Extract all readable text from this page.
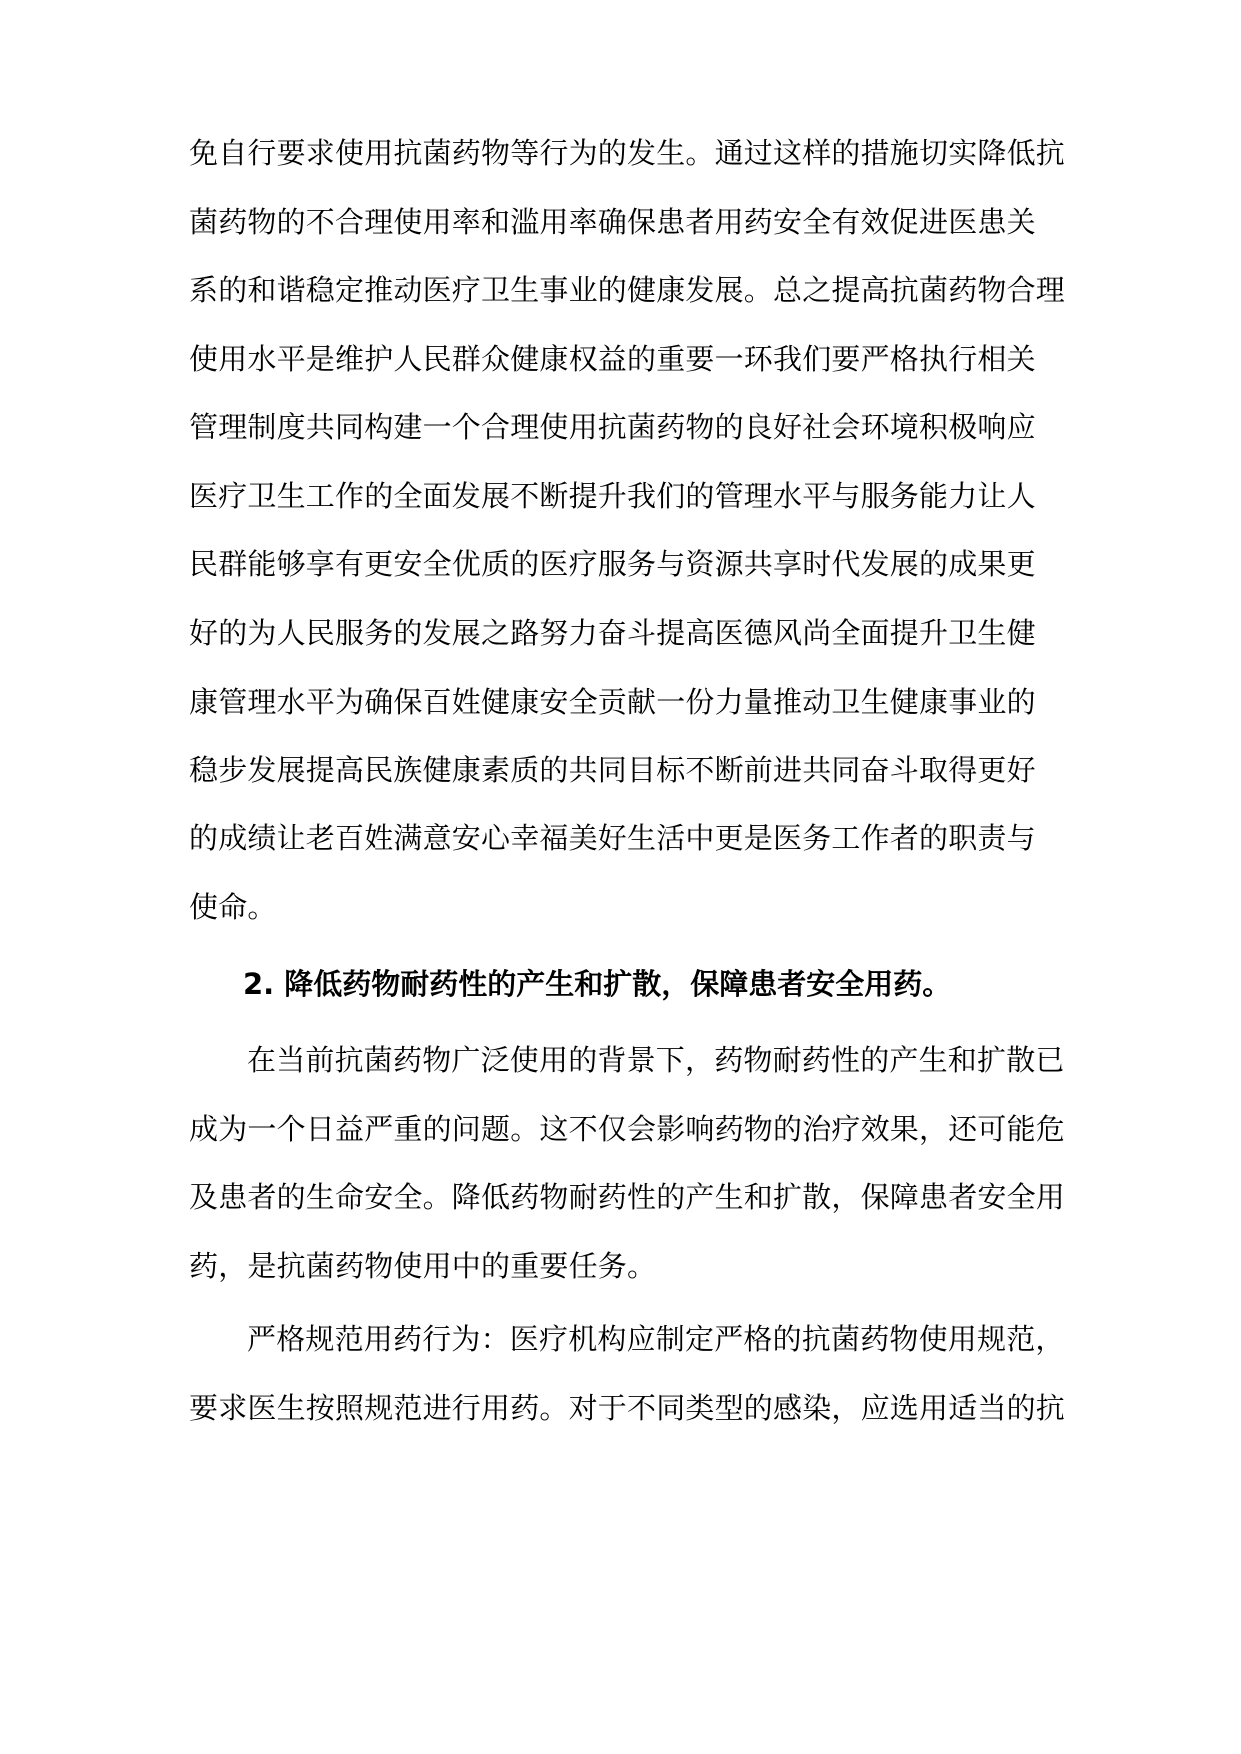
免自行要求使用抗菌药物等行为的发生。通过这样的措施切实降低抗

菌药物的不合理使用率和滥用率确保患者用药安全有效促进医患关

系的和谐稳定推动医疗卫生事业的健康发展。总之提高抗菌药物合理

使用水平是维护人民群众健康权益的重要一环我们要严格执行相关

管理制度共同构建一个合理使用抗菌药物的良好社会环境积极响应

医疗卫生工作的全面发展不断提升我们的管理水平与服务能力让人

民群能够享有更安全优质的医疗服务与资源共享时代发展的成果更

好的为人民服务的发展之路努力奋斗提高医德风尚全面提升卫生健

康管理水平为确保百姓健康安全贡献一份力量推动卫生健康事业的

稳步发展提高民族健康素质的共同目标不断前进共同奋斗取得更好

的成绩让老百姓满意安心幸福美好生活中更是医务工作者的职责与

使命。

2. 降低药物耐药性的产生和扩散，保障患者安全用药。

在当前抗菌药物广泛使用的背景下，药物耐药性的产生和扩散已

成为一个日益严重的问题。这不仅会影响药物的治疗效果，还可能危

及患者的生命安全。降低药物耐药性的产生和扩散，保障患者安全用

药，是抗菌药物使用中的重要任务。

严格规范用药行为：医疗机构应制定严格的抗菌药物使用规范，

要求医生按照规范进行用药。对于不同类型的感染，应选用适当的抗
